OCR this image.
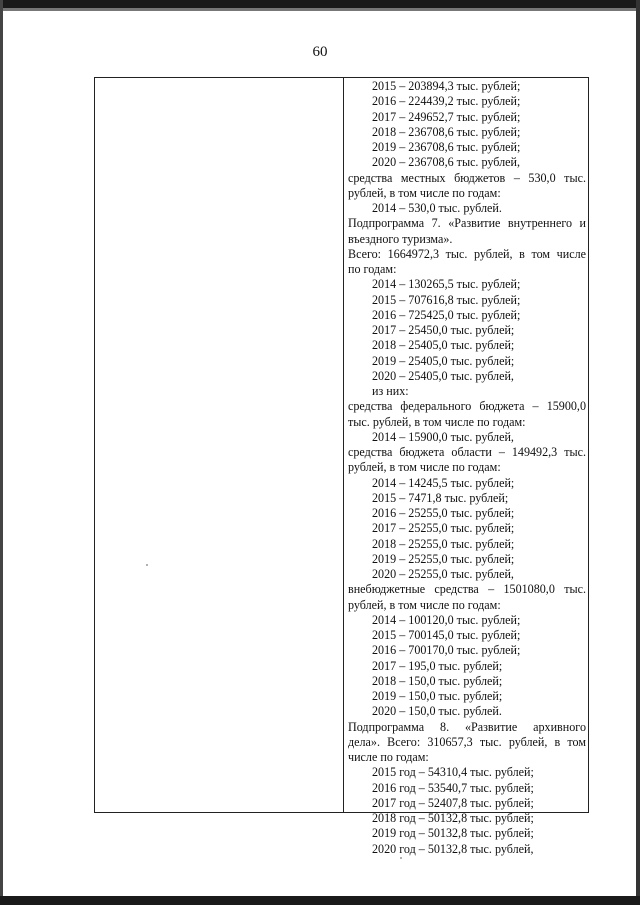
60
2015 – 203894,3 тыс. рублей;
2016 – 224439,2 тыс. рублей;
2017 – 249652,7 тыс. рублей;
2018 – 236708,6 тыс. рублей;
2019 – 236708,6 тыс. рублей;
2020 – 236708,6 тыс. рублей,
средства местных бюджетов – 530,0 тыс.
рублей, в том числе по годам:
2014 – 530,0 тыс. рублей.
Подпрограмма 7. «Развитие внутреннего и
въездного туризма».
Всего: 1664972,3 тыс. рублей, в том числе
по годам:
2014 – 130265,5 тыс. рублей;
2015 – 707616,8 тыс. рублей;
2016 – 725425,0 тыс. рублей;
2017 – 25450,0 тыс. рублей;
2018 – 25405,0 тыс. рублей;
2019 – 25405,0 тыс. рублей;
2020 – 25405,0 тыс. рублей,
из них:
средства федерального бюджета – 15900,0
тыс. рублей, в том числе по годам:
2014 – 15900,0 тыс. рублей,
средства бюджета области – 149492,3 тыс.
рублей, в том числе по годам:
2014 – 14245,5 тыс. рублей;
2015 – 7471,8 тыс. рублей;
2016 – 25255,0 тыс. рублей;
2017 – 25255,0 тыс. рублей;
2018 – 25255,0 тыс. рублей;
2019 – 25255,0 тыс. рублей;
2020 – 25255,0 тыс. рублей,
внебюджетные средства – 1501080,0 тыс.
рублей, в том числе по годам:
2014 – 100120,0 тыс. рублей;
2015 – 700145,0 тыс. рублей;
2016 – 700170,0 тыс. рублей;
2017 – 195,0 тыс. рублей;
2018 – 150,0 тыс. рублей;
2019 – 150,0 тыс. рублей;
2020 – 150,0 тыс. рублей.
Подпрограмма 8. «Развитие архивного
дела». Всего: 310657,3 тыс. рублей, в том
числе по годам:
2015 год – 54310,4 тыс. рублей;
2016 год – 53540,7 тыс. рублей;
2017 год – 52407,8 тыс. рублей;
2018 год – 50132,8 тыс. рублей;
2019 год – 50132,8 тыс. рублей;
2020 год – 50132,8 тыс. рублей,
